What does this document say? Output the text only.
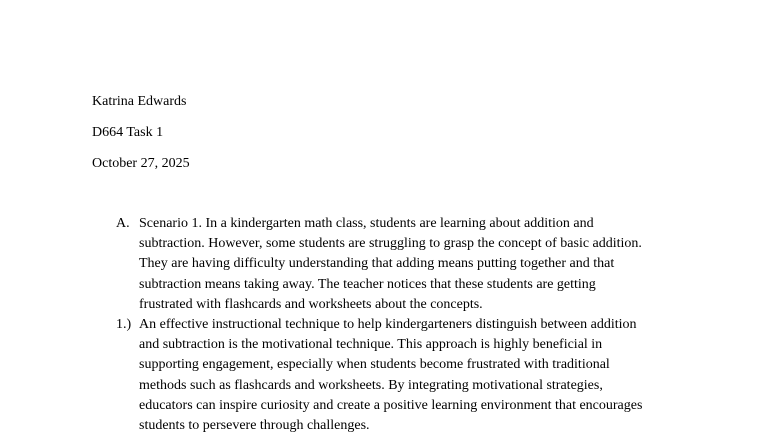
Katrina Edwards
D664 Task 1
October 27, 2025
A. Scenario 1. In a kindergarten math class, students are learning about addition and
subtraction. However, some students are struggling to grasp the concept of basic addition.
They are having difficulty understanding that adding means putting together and that
subtraction means taking away. The teacher notices that these students are getting
frustrated with flashcards and worksheets about the concepts.
1.) An effective instructional technique to help kindergarteners distinguish between addition
and subtraction is the motivational technique. This approach is highly beneficial in
supporting engagement, especially when students become frustrated with traditional
methods such as flashcards and worksheets. By integrating motivational strategies,
educators can inspire curiosity and create a positive learning environment that encourages
students to persevere through challenges.
